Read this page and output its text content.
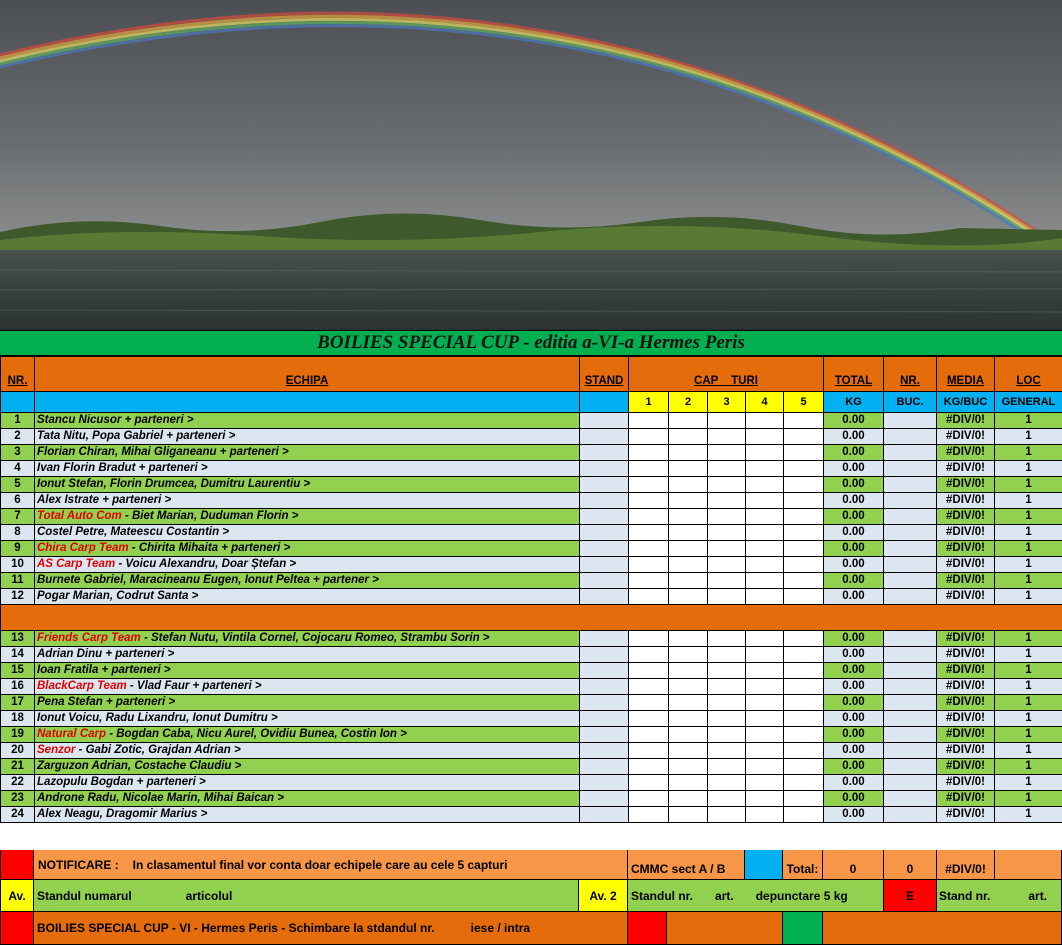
BOILIES SPECIAL CUP - editia a-VI-a Hermes Peris
NR.	ECHIPA	STAND	CAP TURI					TOTAL	NR.	MEDIA	LOC
			1	2	3	4	5	KG	BUC.	KG/BUC	GENERAL
1	Stancu Nicusor + parteneri >							0.00		#DIV/0!	1
2	Tata Nitu, Popa Gabriel + parteneri >							0.00		#DIV/0!	1
3	Florian Chiran, Mihai Gliganeanu + parteneri >							0.00		#DIV/0!	1
4	Ivan Florin Bradut + parteneri >							0.00		#DIV/0!	1
5	Ionut Stefan, Florin Drumcea, Dumitru Laurentiu >							0.00		#DIV/0!	1
6	Alex Istrate + parteneri >							0.00		#DIV/0!	1
7	Total Auto Com - Biet Marian, Duduman Florin >							0.00		#DIV/0!	1
8	Costel Petre, Mateescu Costantin >							0.00		#DIV/0!	1
9	Chira Carp Team - Chirita Mihaita + parteneri >							0.00		#DIV/0!	1
10	AS Carp Team - Voicu Alexandru, Doar Ștefan >							0.00		#DIV/0!	1
11	Burnete Gabriel, Maracineanu Eugen, Ionut Peltea + partener >							0.00		#DIV/0!	1
12	Pogar Marian, Codrut Santa >							0.00		#DIV/0!	1

13	Friends Carp Team - Stefan Nutu, Vintila Cornel, Cojocaru Romeo, Strambu Sorin >							0.00		#DIV/0!	1
14	Adrian Dinu + parteneri >							0.00		#DIV/0!	1
15	Ioan Fratila + parteneri >							0.00		#DIV/0!	1
16	BlackCarp Team - Vlad Faur + parteneri >							0.00		#DIV/0!	1
17	Pena Stefan + parteneri >							0.00		#DIV/0!	1
18	Ionut Voicu, Radu Lixandru, Ionut Dumitru >							0.00		#DIV/0!	1
19	Natural Carp - Bogdan Caba, Nicu Aurel, Ovidiu Bunea, Costin Ion >							0.00		#DIV/0!	1
20	Senzor - Gabi Zotic, Grajdan Adrian >							0.00		#DIV/0!	1
21	Zarguzon Adrian, Costache Claudiu >							0.00		#DIV/0!	1
22	Lazopulu Bogdan + parteneri >							0.00		#DIV/0!	1
23	Androne Radu, Nicolae Marin, Mihai Baican >							0.00		#DIV/0!	1
24	Alex Neagu, Dragomir Marius >							0.00		#DIV/0!	1
NOTIFICARE : In clasamentul final vor conta doar echipele care au cele 5 capturi	CMMC sect A / B	Total:	0	0	#DIV/0!
Av. Standul numarul	articolul	Av. 2	Standul nr. art. depunctare 5 kg	E	Stand nr.	art.
BOILIES SPECIAL CUP - VI - Hermes Peris - Schimbare la stdandul nr.	iese / intra
